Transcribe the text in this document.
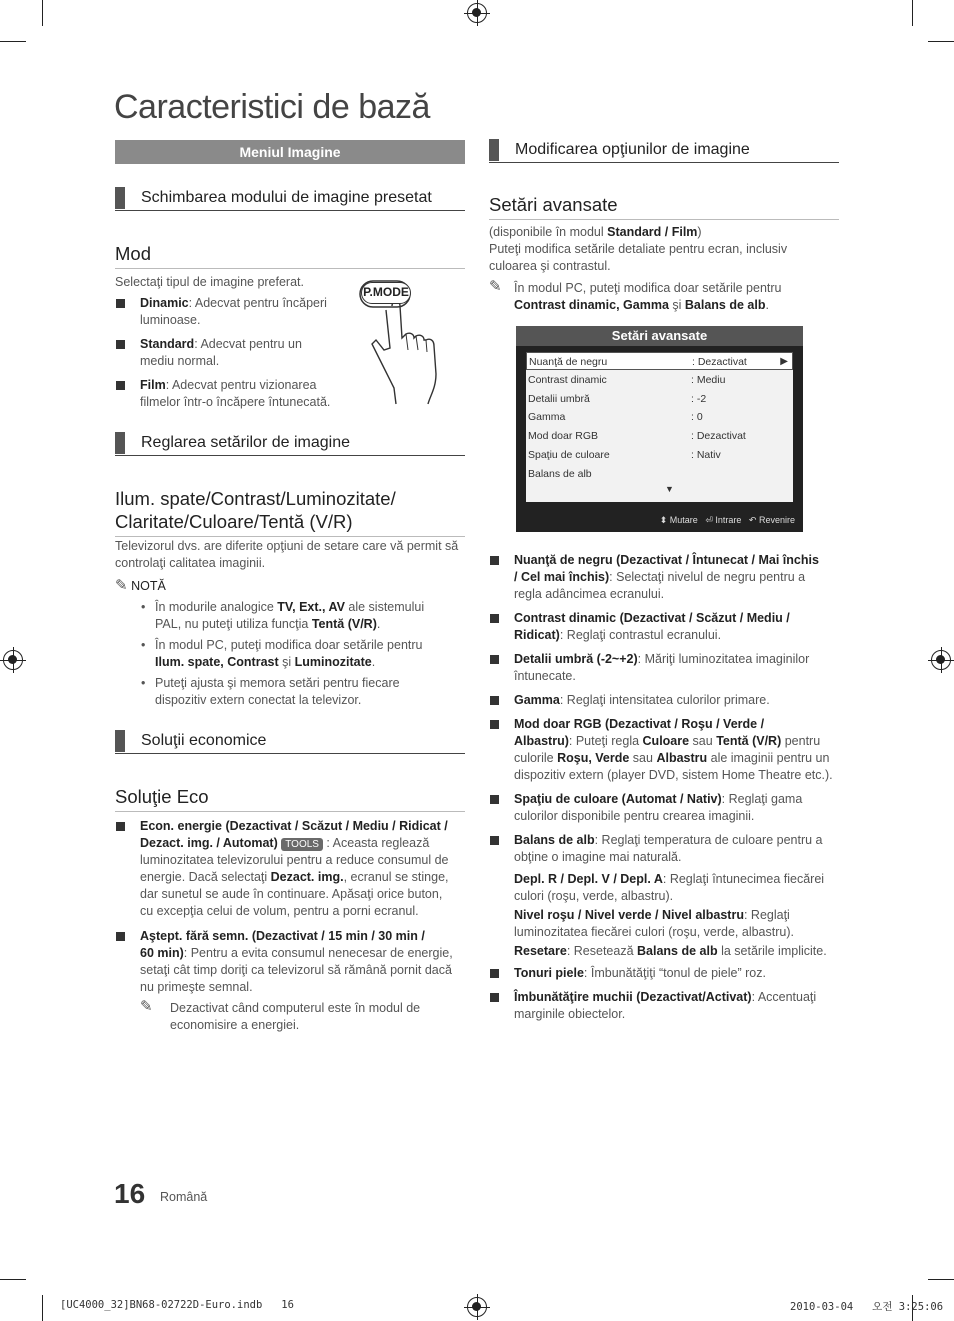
Caracteristici de bază
Meniul Imagine
Schimbarea modului de imagine presetat
Mod
Selectaţi tipul de imagine preferat.
Dinamic: Adecvat pentru încăperi
luminoase.
Standard: Adecvat pentru un
mediu normal.
Film: Adecvat pentru vizionarea
filmelor într-o încăpere întunecată.
P.MODE
Reglarea setărilor de imagine
Ilum. spate/Contrast/Luminozitate/
Claritate/Culoare/Tentă (V/R)
Televizorul dvs. are diferite opţiuni de setare care vă permit să
controlaţi calitatea imaginii.
✎ NOTĂ
• În modurile analogice TV, Ext., AV ale sistemului
PAL, nu puteţi utiliza funcţia Tentă (V/R).
• În modul PC, puteţi modifica doar setările pentru
Ilum. spate, Contrast şi Luminozitate.
• Puteţi ajusta şi memora setări pentru fiecare
dispozitiv extern conectat la televizor.
Soluţii economice
Soluţie Eco
Econ. energie (Dezactivat / Scăzut / Mediu / Ridicat /
Dezact. img. / Automat) TOOLS : Aceasta reglează
luminozitatea televizorului pentru a reduce consumul de
energie. Dacă selectaţi Dezact. img., ecranul se stinge,
dar sunetul se aude în continuare. Apăsaţi orice buton,
cu excepţia celui de volum, pentru a porni ecranul.
Aştept. fără semn. (Dezactivat / 15 min / 30 min /
60 min): Pentru a evita consumul nenecesar de energie,
setaţi cât timp doriţi ca televizorul să rămână pornit dacă
nu primeşte semnal.
✎ Dezactivat când computerul este în modul de
economisire a energiei.
Modificarea opţiunilor de imagine
Setări avansate
(disponibile în modul Standard / Film)
Puteţi modifica setările detaliate pentru ecran, inclusiv
culoarea şi contrastul.
✎ În modul PC, puteţi modifica doar setările pentru
Contrast dinamic, Gamma şi Balans de alb.
Setări avansate
Nuanţă de negru	: Dezactivat	▶
Contrast dinamic	: Mediu
Detalii umbră	: -2
Gamma	: 0
Mod doar RGB	: Dezactivat
Spaţiu de culoare	: Nativ
Balans de alb
▼
⬍ Mutare ⏎ Intrare ↶ Revenire
Nuanţă de negru (Dezactivat / Întunecat / Mai închis
/ Cel mai închis): Selectaţi nivelul de negru pentru a
regla adâncimea ecranului.
Contrast dinamic (Dezactivat / Scăzut / Mediu /
Ridicat): Reglaţi contrastul ecranului.
Detalii umbră (-2~+2): Măriţi luminozitatea imaginilor
întunecate.
Gamma: Reglaţi intensitatea culorilor primare.
Mod doar RGB (Dezactivat / Roşu / Verde /
Albastru): Puteţi regla Culoare sau Tentă (V/R) pentru
culorile Roşu, Verde sau Albastru ale imaginii pentru un
dispozitiv extern (player DVD, sistem Home Theatre etc.).
Spaţiu de culoare (Automat / Nativ): Reglaţi gama
culorilor disponibile pentru crearea imaginii.
Balans de alb: Reglaţi temperatura de culoare pentru a
obţine o imagine mai naturală.
Depl. R / Depl. V / Depl. A: Reglaţi întunecimea fiecărei
culori (roşu, verde, albastru).
Nivel roşu / Nivel verde / Nivel albastru: Reglaţi
luminozitatea fiecărei culori (roşu, verde, albastru).
Resetare: Resetează Balans de alb la setările implicite.
Tonuri piele: Îmbunătăţiţi “tonul de piele” roz.
Îmbunătăţire muchii (Dezactivat/Activat): Accentuaţi
marginile obiectelor.
16 Română
[UC4000_32]BN68-02722D-Euro.indb   16	2010-03-04   오전 3:25:06
